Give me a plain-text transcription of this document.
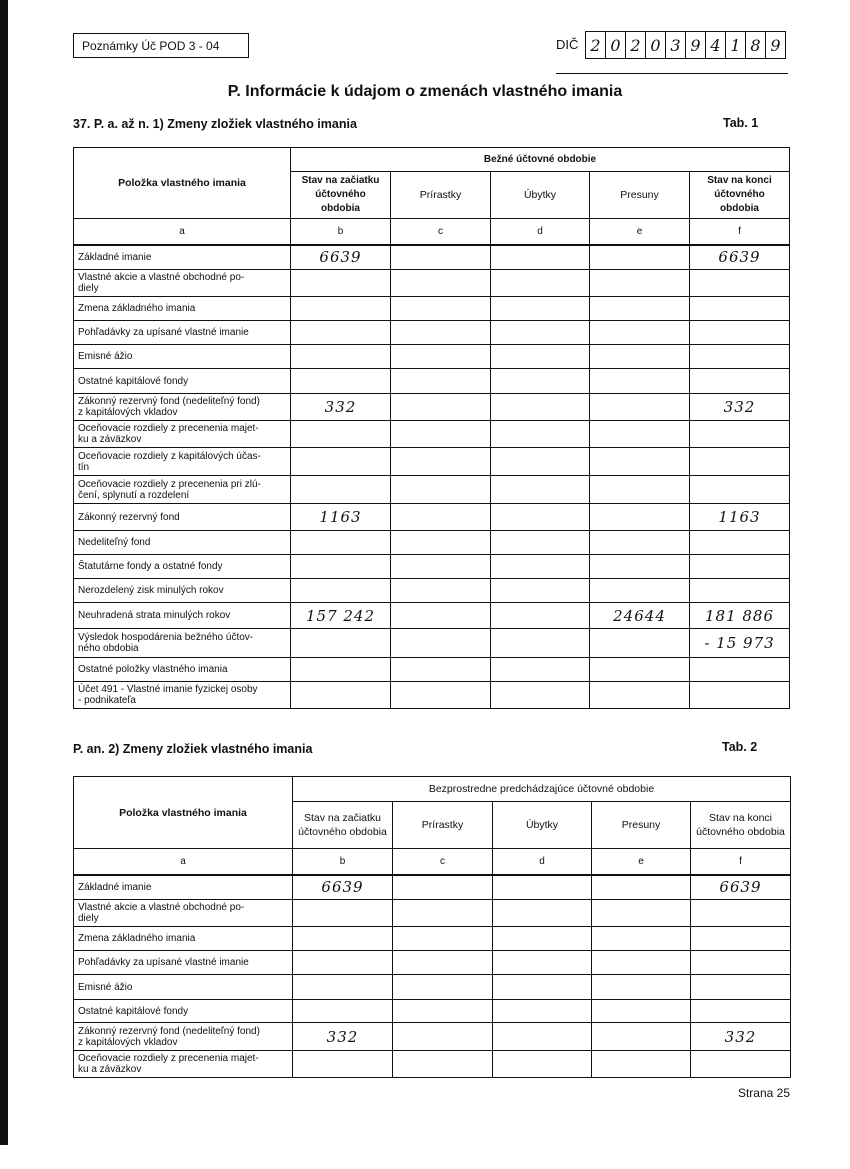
Poznámky Úč POD 3 - 04	DIČ 2 0 2 0 3 9 4 1 8 9
P. Informácie k údajom o zmenách vlastného imania
37. P. a. až n. 1) Zmeny zložiek vlastného imania	Tab. 1
Položka vlastného imania	Bežné účtovné obdobie				
	Stav na začiatku účtovného obdobia	Prírastky	Úbytky	Presuny	Stav na konci účtovného obdobia
a	b	c	d	e	f
Základné imanie	6639				6639
Vlastné akcie a vlastné obchodné po-
diely					
Zmena základného imania					
Pohľadávky za upísané vlastné imanie					
Emisné ážio					
Ostatné kapitálové fondy					
Zákonný rezervný fond (nedeliteľný fond)
z kapitálových vkladov	332				332
Oceňovacie rozdiely z precenenia majet-
ku a záväzkov					
Oceňovacie rozdiely z kapitálových účas-
tín					
Oceňovacie rozdiely z precenenia pri zlú-
čení, splynutí a rozdelení					
Zákonný rezervný fond	1163				1163
Nedeliteľný fond					
Štatutárne fondy a ostatné fondy					
Nerozdelený zisk minulých rokov					
Neuhradená strata minulých rokov	157 242			24644	181 886
Výsledok hospodárenia bežného účtov-
ného obdobia					- 15 973
Ostatné položky vlastného imania					
Účet 491 - Vlastné imanie fyzickej osoby
- podnikateľa					
P. an. 2) Zmeny zložiek vlastného imania	Tab. 2
Položka vlastného imania	Bezprostredne predchádzajúce účtovné obdobie				
	Stav na začiatku účtovného obdobia	Prírastky	Úbytky	Presuny	Stav na konci účtovného obdobia
a	b	c	d	e	f
Základné imanie	6639				6639
Vlastné akcie a vlastné obchodné po-
diely					
Zmena základného imania					
Pohľadávky za upísané vlastné imanie					
Emisné ážio					
Ostatné kapitálové fondy					
Zákonný rezervný fond (nedeliteľný fond)
z kapitálových vkladov	332				332
Oceňovacie rozdiely z precenenia majet-
ku a záväzkov					
Strana 25
